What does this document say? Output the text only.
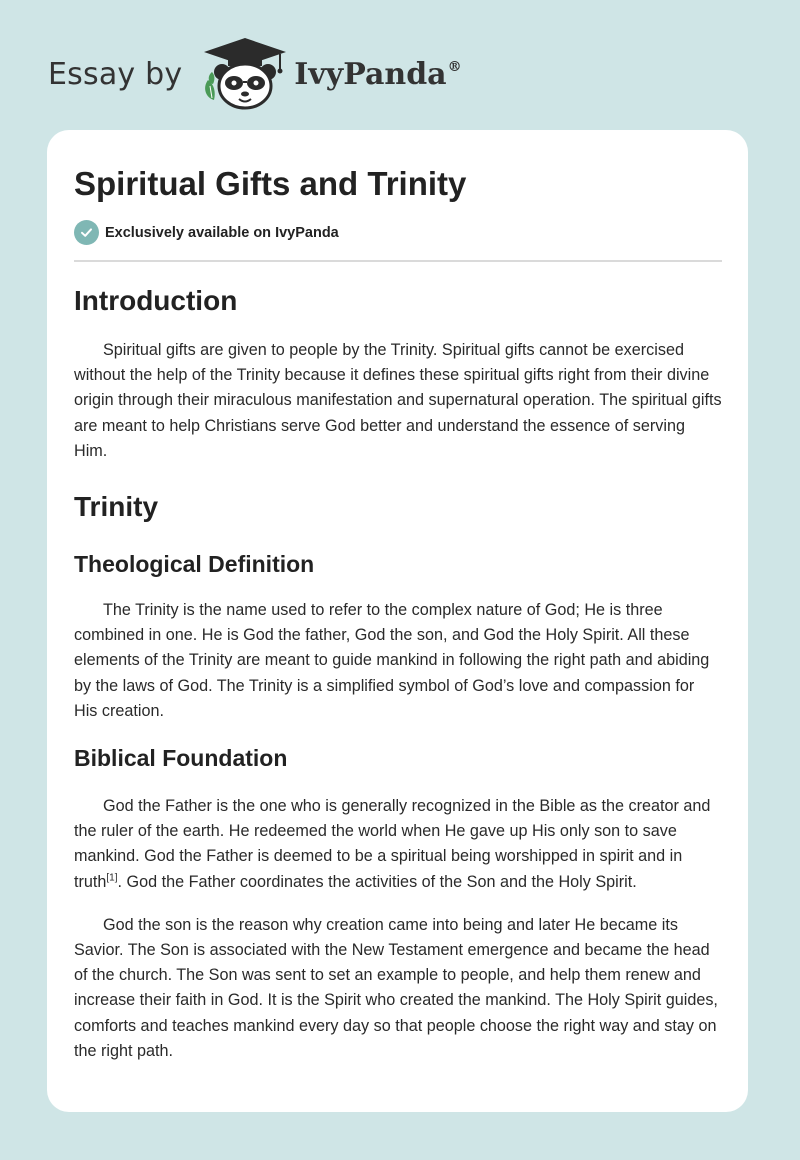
Essay by	IvyPanda®
Spiritual Gifts and Trinity
Exclusively available on IvyPanda
Introduction

Spiritual gifts are given to people by the Trinity. Spiritual gifts cannot be exercised without the help of the Trinity because it defines these spiritual gifts right from their divine origin through their miraculous manifestation and supernatural operation. The spiritual gifts are meant to help Christians serve God better and understand the essence of serving Him.

Trinity
Theological Definition

The Trinity is the name used to refer to the complex nature of God; He is three combined in one. He is God the father, God the son, and God the Holy Spirit. All these elements of the Trinity are meant to guide mankind in following the right path and abiding by the laws of God. The Trinity is a simplified symbol of God’s love and compassion for His creation.

Biblical Foundation

God the Father is the one who is generally recognized in the Bible as the creator and the ruler of the earth. He redeemed the world when He gave up His only son to save mankind. God the Father is deemed to be a spiritual being worshipped in spirit and in truth[1]. God the Father coordinates the activities of the Son and the Holy Spirit.

God the son is the reason why creation came into being and later He became its Savior. The Son is associated with the New Testament emergence and became the head of the church. The Son was sent to set an example to people, and help them renew and increase their faith in God. It is the Spirit who created the mankind. The Holy Spirit guides, comforts and teaches mankind every day so that people choose the right way and stay on the right path.
